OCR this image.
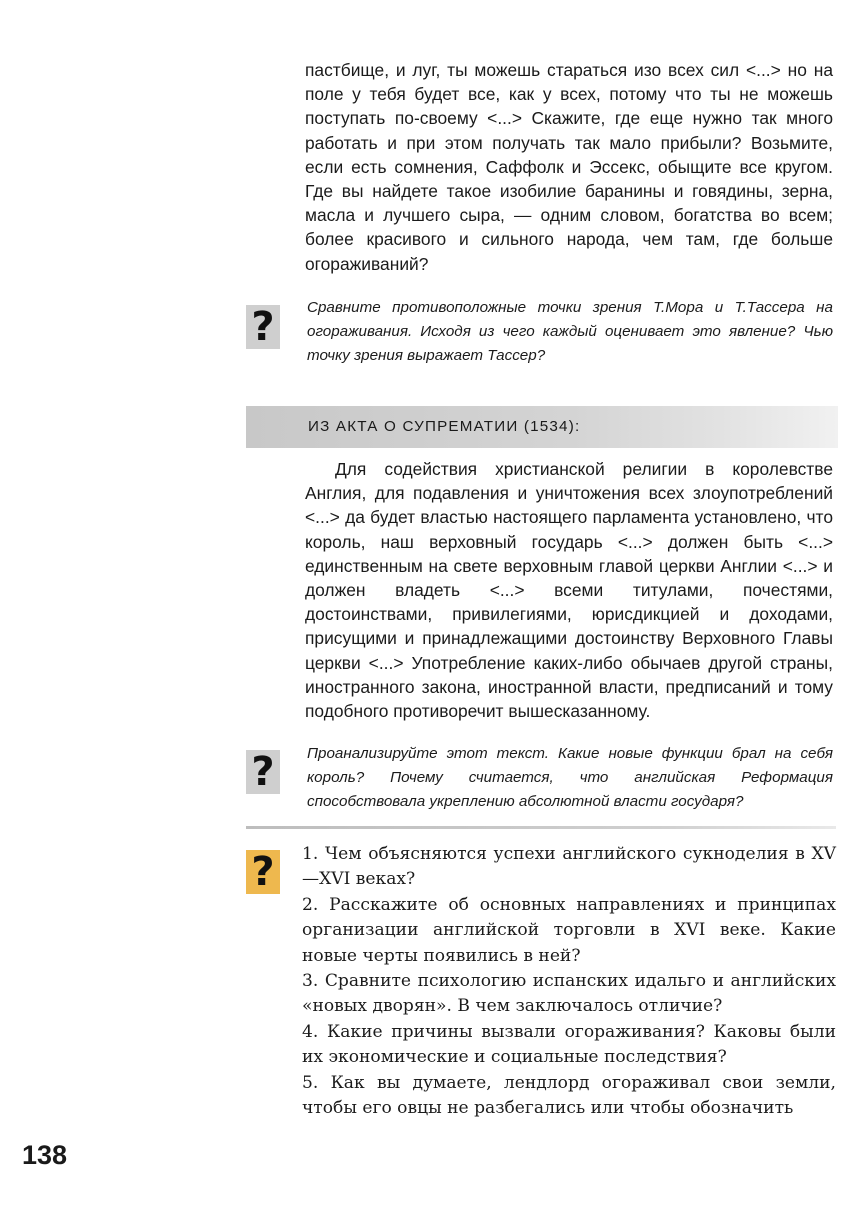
пастбище, и луг, ты можешь стараться изо всех сил <...> но на поле у тебя будет все, как у всех, потому что ты не можешь поступать по-своему <...> Скажите, где еще нужно так много работать и при этом получать так мало прибыли? Возьмите, если есть сомнения, Саффолк и Эссекс, обыщите все кругом. Где вы найдете такое изобилие баранины и говядины, зерна, масла и лучшего сыра, — одним словом, богатства во всем; более красивого и сильного народа, чем там, где больше огораживаний?

?	Сравните противоположные точки зрения Т.Мора и Т.Тассера на огораживания. Исходя из чего каждый оценивает это явление? Чью точку зрения выражает Тассер?

ИЗ АКТА О СУПРЕМАТИИ (1534):

Для содействия христианской религии в королевстве Англия, для подавления и уничтожения всех злоупотреблений <...> да будет властью настоящего парламента установлено, что король, наш верховный государь <...> должен быть <...> единственным на свете верховным главой церкви Англии <...> и должен владеть <...> всеми титулами, почестями, достоинствами, привилегиями, юрисдикцией и доходами, присущими и принадлежащими достоинству Верховного Главы церкви <...> Употребление каких-либо обычаев другой страны, иностранного закона, иностранной власти, предписаний и тому подобного противоречит вышесказанному.

?	Проанализируйте этот текст. Какие новые функции брал на себя король? Почему считается, что английская Реформация способствовала укреплению абсолютной власти государя?

?	1. Чем объясняются успехи английского сукноделия в XV—XVI веках?
2. Расскажите об основных направлениях и принципах организации английской торговли в XVI веке. Какие новые черты появились в ней?
3. Сравните психологию испанских идальго и английских «новых дворян». В чем заключалось отличие?
4. Какие причины вызвали огораживания? Каковы были их экономические и социальные последствия?
5. Как вы думаете, лендлорд огораживал свои земли, чтобы его овцы не разбегались или чтобы обозначить

138
